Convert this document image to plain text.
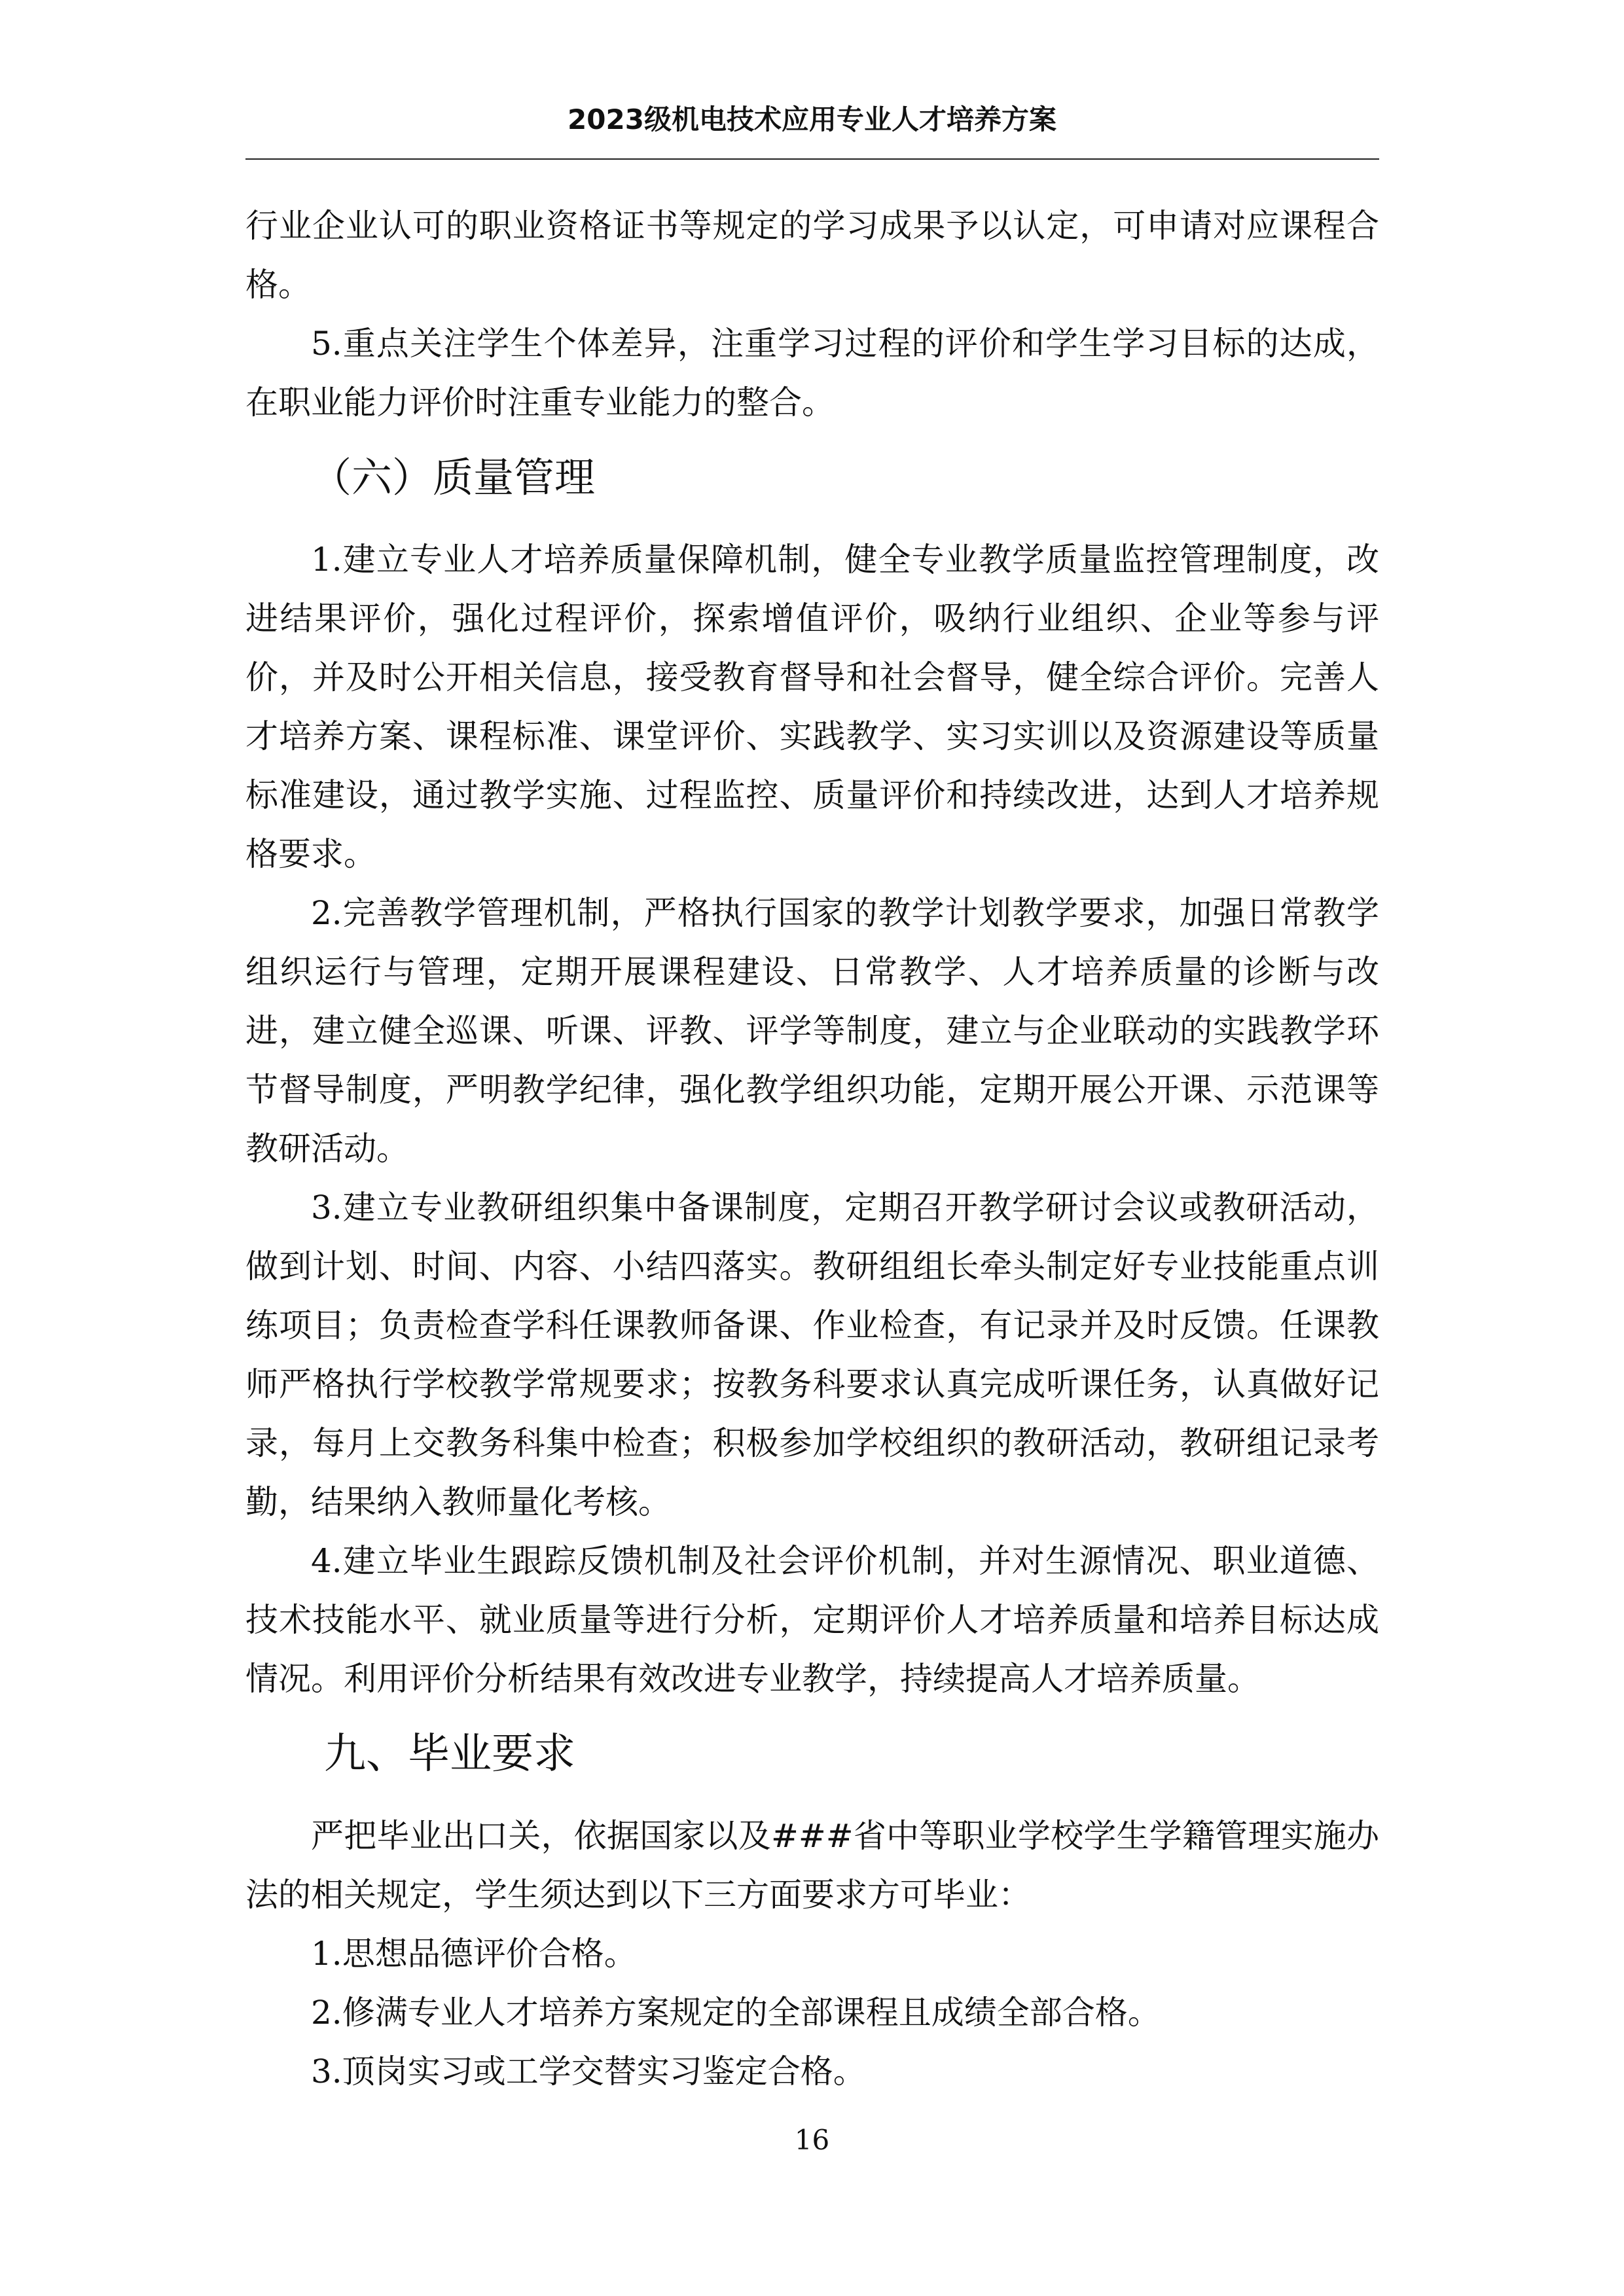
2023级机电技术应用专业人才培养方案

行业企业认可的职业资格证书等规定的学习成果予以认定，可申请对应课程合格。

5.重点关注学生个体差异，注重学习过程的评价和学生学习目标的达成，在职业能力评价时注重专业能力的整合。

（六）质量管理

1.建立专业人才培养质量保障机制，健全专业教学质量监控管理制度，改进结果评价，强化过程评价，探索增值评价，吸纳行业组织、企业等参与评价，并及时公开相关信息，接受教育督导和社会督导，健全综合评价。完善人才培养方案、课程标准、课堂评价、实践教学、实习实训以及资源建设等质量标准建设，通过教学实施、过程监控、质量评价和持续改进，达到人才培养规格要求。

2.完善教学管理机制，严格执行国家的教学计划教学要求，加强日常教学组织运行与管理，定期开展课程建设、日常教学、人才培养质量的诊断与改进，建立健全巡课、听课、评教、评学等制度，建立与企业联动的实践教学环节督导制度，严明教学纪律，强化教学组织功能，定期开展公开课、示范课等教研活动。

3.建立专业教研组织集中备课制度，定期召开教学研讨会议或教研活动，做到计划、时间、内容、小结四落实。教研组组长牵头制定好专业技能重点训练项目；负责检查学科任课教师备课、作业检查，有记录并及时反馈。任课教师严格执行学校教学常规要求；按教务科要求认真完成听课任务，认真做好记录，每月上交教务科集中检查；积极参加学校组织的教研活动，教研组记录考勤，结果纳入教师量化考核。

4.建立毕业生跟踪反馈机制及社会评价机制，并对生源情况、职业道德、技术技能水平、就业质量等进行分析，定期评价人才培养质量和培养目标达成情况。利用评价分析结果有效改进专业教学，持续提高人才培养质量。

九、毕业要求

严把毕业出口关，依据国家以及###省中等职业学校学生学籍管理实施办法的相关规定，学生须达到以下三方面要求方可毕业：

1.思想品德评价合格。

2.修满专业人才培养方案规定的全部课程且成绩全部合格。

3.顶岗实习或工学交替实习鉴定合格。

16
